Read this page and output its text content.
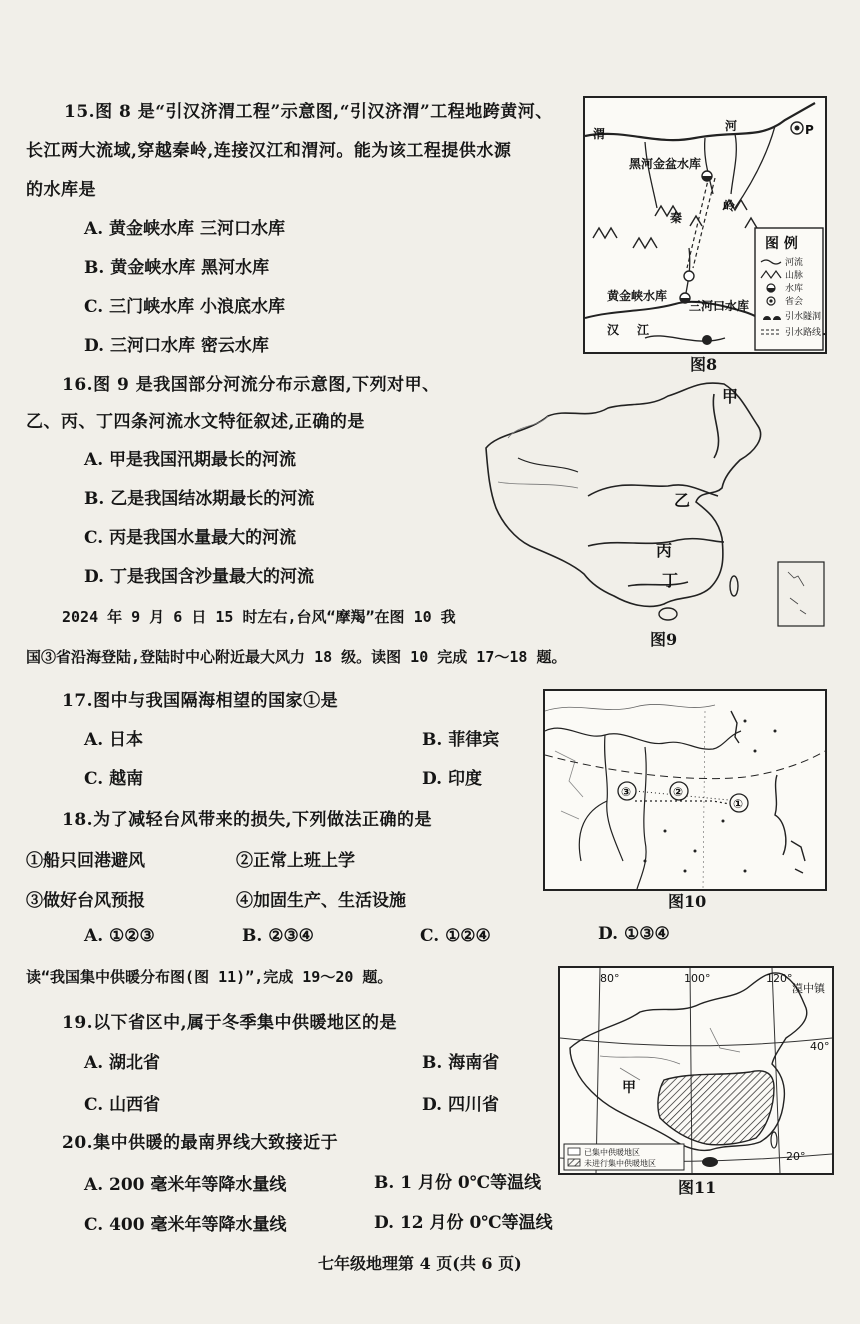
15.图 8 是“引汉济渭工程”示意图,“引汉济渭”工程地跨黄河、
长江两大流域,穿越秦岭,连接汉江和渭河。能为该工程提供水源
的水库是
A. 黄金峡水库 三河口水库
B. 黄金峡水库 黑河水库
C. 三门峡水库 小浪底水库
D. 三河口水库 密云水库
渭
河	P
黑河金盆水库
秦
岭
黄金峡水库
三河口水库
汉 江
图 例
河流
山脉
水库
省会
引水隧洞
引水路线
图8
16.图 9 是我国部分河流分布示意图,下列对甲、
乙、丙、丁四条河流水文特征叙述,正确的是
A. 甲是我国汛期最长的河流
B. 乙是我国结冰期最长的河流
C. 丙是我国水量最大的河流
D. 丁是我国含沙量最大的河流
甲
乙
丙
丁
图9
2024 年 9 月 6 日 15 时左右,台风“摩羯”在图 10 我
国③省沿海登陆,登陆时中心附近最大风力 18 级。读图 10 完成 17～18 题。
17.图中与我国隔海相望的国家①是
A. 日本	B. 菲律宾
C. 越南	D. 印度
③	②
①
图10
18.为了减轻台风带来的损失,下列做法正确的是
①船只回港避风	②正常上班上学
③做好台风预报	④加固生产、生活设施
A. ①②③	B. ②③④	C. ①②④	D. ①③④
读“我国集中供暖分布图(图 11)”,完成 19～20 题。
19.以下省区中,属于冬季集中供暖地区的是
A. 湖北省	B. 海南省
C. 山西省	D. 四川省
80°	100°	120°
40°
20°
漠中镇
甲
已集中供暖地区
未进行集中供暖地区
图11
20.集中供暖的最南界线大致接近于
A. 200 毫米年等降水量线	B. 1 月份 0℃等温线
C. 400 毫米年等降水量线	D. 12 月份 0℃等温线
七年级地理第 4 页(共 6 页)
